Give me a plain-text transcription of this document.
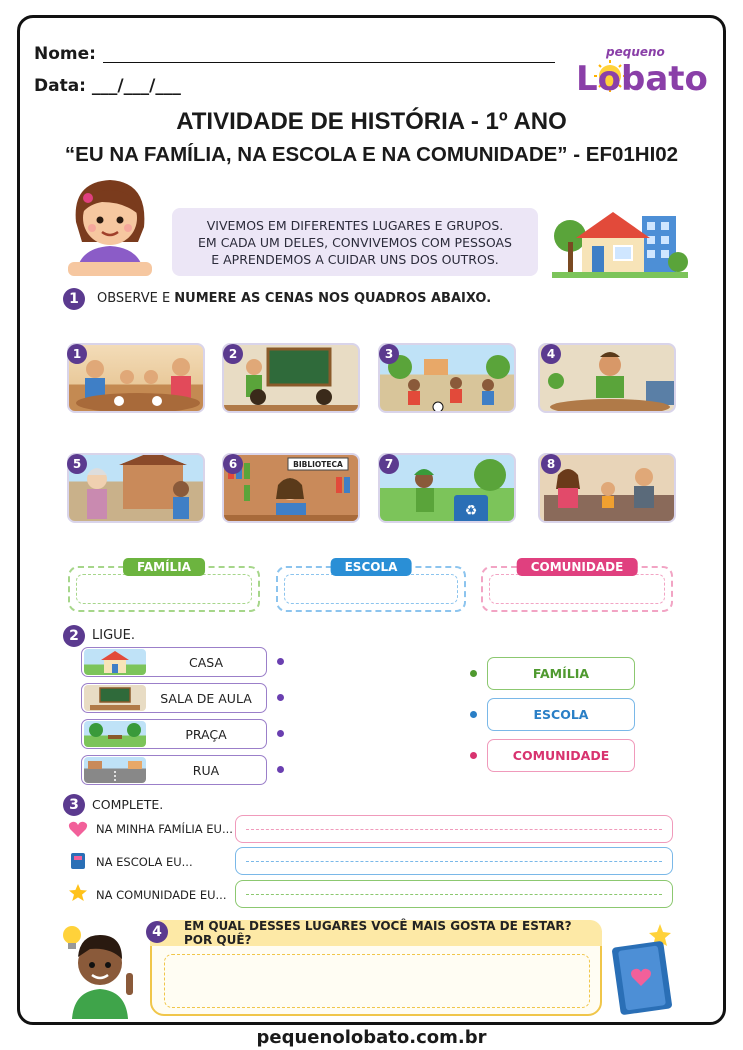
Nome:
Data: ___/___/___
pequeno
Lobato
ATIVIDADE DE HISTÓRIA - 1º ANO
“EU NA FAMÍLIA, NA ESCOLA E NA COMUNIDADE” - EF01HI02
VIVEMOS EM DIFERENTES LUGARES E GRUPOS.
EM CADA UM DELES, CONVIVEMOS COM PESSOAS
E APRENDEMOS A CUIDAR UNS DOS OUTROS.
1	OBSERVE E NUMERE AS CENAS NOS QUADROS ABAIXO.
BIBLIOTECA
♻
1	2	3	4
5	6	7	8
FAMÍLIA	ESCOLA	COMUNIDADE
2	LIGUE.
CASA
SALA DE AULA
PRAÇA
RUA
FAMÍLIA
ESCOLA
COMUNIDADE
3	COMPLETE.
NA MINHA FAMÍLIA EU...
NA ESCOLA EU...
NA COMUNIDADE EU...
EM QUAL DESSES LUGARES VOCÊ MAIS GOSTA DE ESTAR? POR QUÊ?
4
pequenolobato.com.br
